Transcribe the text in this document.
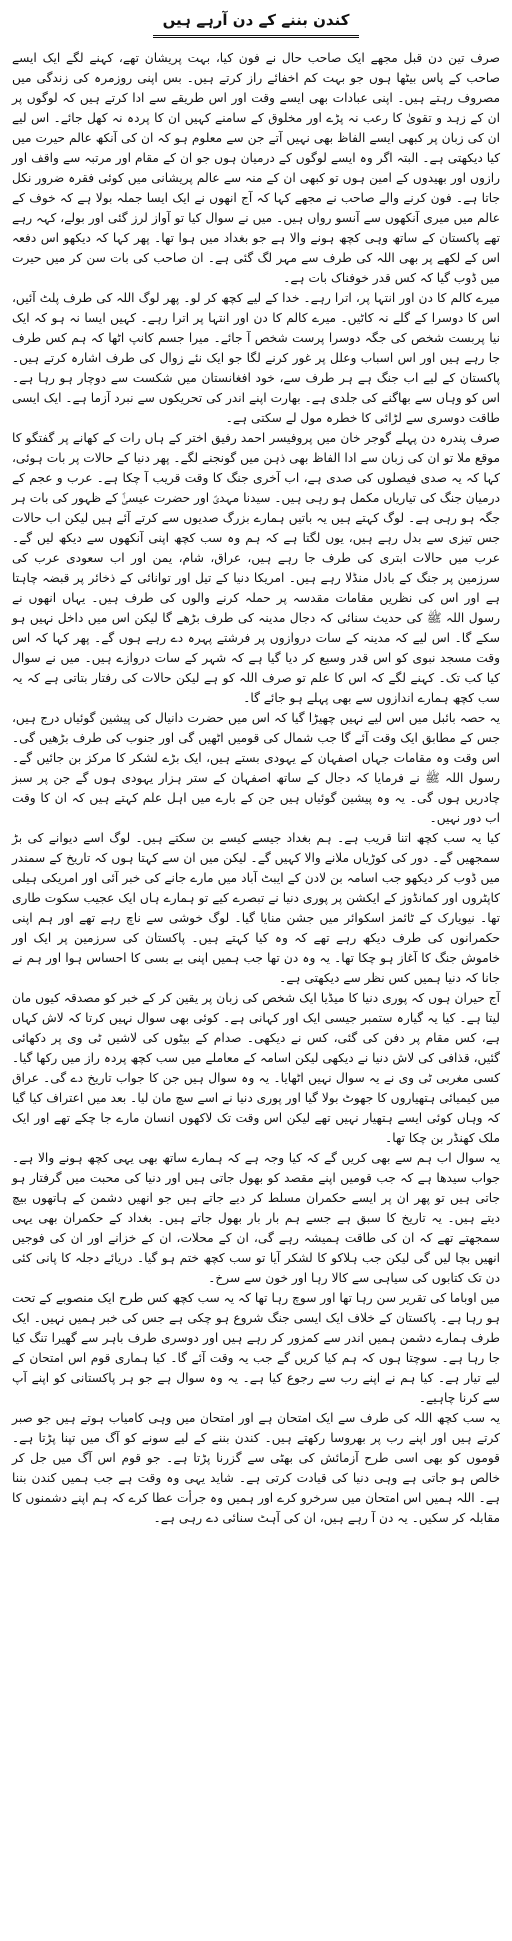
کندن بننے کے دن آرہے ہیں

صرف تین دن قبل مجھے ایک صاحب حال نے فون کیا، بہت پریشان تھے، کہنے لگے ایک ایسے صاحب کے پاس بیٹھا ہوں جو بہت کم اخفائے راز کرتے ہیں۔ بس اپنی روزمرہ کی زندگی میں مصروف رہتے ہیں۔ اپنی عبادات بھی ایسے وقت اور اس طریقے سے ادا کرتے ہیں کہ لوگوں پر ان کے زہد و تقویٰ کا رعب نہ پڑے اور مخلوق کے سامنے کہیں ان کا پردہ نہ کھل جائے۔ اس لیے ان کی زبان پر کبھی ایسے الفاظ بھی نہیں آتے جن سے معلوم ہو کہ ان کی آنکھ عالم حیرت میں کیا دیکھتی ہے۔ البتہ اگر وہ ایسے لوگوں کے درمیان ہوں جو ان کے مقام اور مرتبہ سے واقف اور رازوں اور بھیدوں کے امین ہوں تو کبھی ان کے منہ سے عالم پریشانی میں کوئی فقرہ ضرور نکل جاتا ہے۔ فون کرنے والے صاحب نے مجھے کہا کہ آج انھوں نے ایک ایسا جملہ بولا ہے کہ خوف کے عالم میں میری آنکھوں سے آنسو رواں ہیں۔ میں نے سوال کیا تو آواز لرز گئی اور بولے، کہہ رہے تھے پاکستان کے ساتھ وہی کچھ ہونے والا ہے جو بغداد میں ہوا تھا۔ پھر کہا کہ دیکھو اس دفعہ اس کے لکھے پر بھی اللہ کی طرف سے مہر لگ گئی ہے۔ ان صاحب کی بات سن کر میں حیرت میں ڈوب گیا کہ کس قدر خوفناک بات ہے۔

میرے کالم کا دن اور انتہا پر، اترا رہے۔ خدا کے لیے کچھ کر لو۔ پھر لوگ اللہ کی طرف پلٹ آئیں، اس کا دوسرا کے گلے نہ کاٹیں۔ میرے کالم کا دن اور انتہا پر اترا رہے۔ کہیں ایسا نہ ہو کہ ایک نیا پربست شخص کی جگہ دوسرا پرست شخص آ جائے۔ میرا جسم کانپ اٹھا کہ ہم کس طرف جا رہے ہیں اور اس اسباب وعلل پر غور کرنے لگا جو ایک نئے زوال کی طرف اشارہ کرتے ہیں۔ پاکستان کے لیے اب جنگ ہے ہر طرف سے، خود افغانستان میں شکست سے دوچار ہو رہا ہے۔ اس کو وہاں سے بھاگنے کی جلدی ہے۔ بھارت اپنے اندر کی تحریکوں سے نبرد آزما ہے۔ ایک ایسی طاقت دوسری سے لڑائی کا خطرہ مول لے سکتی ہے۔

صرف پندرہ دن پہلے گوجر خان میں پروفیسر احمد رفیق اختر کے ہاں رات کے کھانے پر گفتگو کا موقع ملا تو ان کی زبان سے ادا الفاظ بھی ذہن میں گونجنے لگے۔ پھر دنیا کے حالات پر بات ہوئی، کہا کہ یہ صدی فیصلوں کی صدی ہے، اب آخری جنگ کا وقت قریب آ چکا ہے۔ عرب و عجم کے درمیان جنگ کی تیاریاں مکمل ہو رہی ہیں۔ سیدنا مہدیؑ اور حضرت عیسیٰؑ کے ظہور کی بات ہر جگہ ہو رہی ہے۔ لوگ کہتے ہیں یہ باتیں ہمارے بزرگ صدیوں سے کرتے آئے ہیں لیکن اب حالات جس تیزی سے بدل رہے ہیں، یوں لگتا ہے کہ ہم وہ سب کچھ اپنی آنکھوں سے دیکھ لیں گے۔ عرب میں حالات ابتری کی طرف جا رہے ہیں، عراق، شام، یمن اور اب سعودی عرب کی سرزمین پر جنگ کے بادل منڈلا رہے ہیں۔ امریکا دنیا کے تیل اور توانائی کے ذخائر پر قبضہ چاہتا ہے اور اس کی نظریں مقامات مقدسہ پر حملہ کرنے والوں کی طرف ہیں۔ یہاں انھوں نے رسول اللہ ﷺ کی حدیث سنائی کہ دجال مدینہ کی طرف بڑھے گا لیکن اس میں داخل نہیں ہو سکے گا۔ اس لیے کہ مدینہ کے سات دروازوں پر فرشتے پہرہ دے رہے ہوں گے۔ پھر کہا کہ اس وقت مسجد نبوی کو اس قدر وسیع کر دیا گیا ہے کہ شہر کے سات دروازے ہیں۔ میں نے سوال کیا کب تک۔ کہنے لگے کہ اس کا علم تو صرف اللہ کو ہے لیکن حالات کی رفتار بتاتی ہے کہ یہ سب کچھ ہمارے اندازوں سے بھی پہلے ہو جائے گا۔

یہ حصہ بائبل میں اس لیے نہیں چھیڑا گیا کہ اس میں حضرت دانیال کی پیشین گوئیاں درج ہیں، جس کے مطابق ایک وقت آئے گا جب شمال کی قومیں اٹھیں گی اور جنوب کی طرف بڑھیں گی۔ اس وقت وہ مقامات جہاں اصفہان کے یہودی بستے ہیں، ایک بڑے لشکر کا مرکز بن جائیں گے۔ رسول اللہ ﷺ نے فرمایا کہ دجال کے ساتھ اصفہان کے ستر ہزار یہودی ہوں گے جن پر سبز چادریں ہوں گی۔ یہ وہ پیشین گوئیاں ہیں جن کے بارے میں اہل علم کہتے ہیں کہ ان کا وقت اب دور نہیں۔

کیا یہ سب کچھ اتنا قریب ہے۔ ہم بغداد جیسے کیسے بن سکتے ہیں۔ لوگ اسے دیوانے کی بڑ سمجھیں گے۔ دور کی کوڑیاں ملانے والا کہیں گے۔ لیکن میں ان سے کہتا ہوں کہ تاریخ کے سمندر میں ڈوب کر دیکھو جب اسامہ بن لادن کے ایبٹ آباد میں مارے جانے کی خبر آئی اور امریکی ہیلی کاپٹروں اور کمانڈوز کے ایکشن پر پوری دنیا نے تبصرے کیے تو ہمارے ہاں ایک عجیب سکوت طاری تھا۔ نیویارک کے ٹائمز اسکوائر میں جشن منایا گیا۔ لوگ خوشی سے ناچ رہے تھے اور ہم اپنی حکمرانوں کی طرف دیکھ رہے تھے کہ وہ کیا کہتے ہیں۔ پاکستان کی سرزمین پر ایک اور خاموش جنگ کا آغاز ہو چکا تھا۔ یہ وہ دن تھا جب ہمیں اپنی بے بسی کا احساس ہوا اور ہم نے جانا کہ دنیا ہمیں کس نظر سے دیکھتی ہے۔

آج حیران ہوں کہ پوری دنیا کا میڈیا ایک شخص کی زبان پر یقین کر کے خبر کو مصدقہ کیوں مان لیتا ہے۔ کیا یہ گیارہ ستمبر جیسی ایک اور کہانی ہے۔ کوئی بھی سوال نہیں کرتا کہ لاش کہاں ہے، کس مقام پر دفن کی گئی، کس نے دیکھی۔ صدام کے بیٹوں کی لاشیں ٹی وی پر دکھائی گئیں، قذافی کی لاش دنیا نے دیکھی لیکن اسامہ کے معاملے میں سب کچھ پردہ راز میں رکھا گیا۔ کسی مغربی ٹی وی نے یہ سوال نہیں اٹھایا۔ یہ وہ سوال ہیں جن کا جواب تاریخ دے گی۔ عراق میں کیمیائی ہتھیاروں کا جھوٹ بولا گیا اور پوری دنیا نے اسے سچ مان لیا۔ بعد میں اعتراف کیا گیا کہ وہاں کوئی ایسے ہتھیار نہیں تھے لیکن اس وقت تک لاکھوں انسان مارے جا چکے تھے اور ایک ملک کھنڈر بن چکا تھا۔

یہ سوال اب ہم سے بھی کریں گے کہ کیا وجہ ہے کہ ہمارے ساتھ بھی یہی کچھ ہونے والا ہے۔ جواب سیدھا ہے کہ جب قومیں اپنے مقصد کو بھول جاتی ہیں اور دنیا کی محبت میں گرفتار ہو جاتی ہیں تو پھر ان پر ایسے حکمران مسلط کر دیے جاتے ہیں جو انھیں دشمن کے ہاتھوں بیچ دیتے ہیں۔ یہ تاریخ کا سبق ہے جسے ہم بار بار بھول جاتے ہیں۔ بغداد کے حکمران بھی یہی سمجھتے تھے کہ ان کی طاقت ہمیشہ رہے گی، ان کے محلات، ان کے خزانے اور ان کی فوجیں انھیں بچا لیں گی لیکن جب ہلاکو کا لشکر آیا تو سب کچھ ختم ہو گیا۔ دریائے دجلہ کا پانی کئی دن تک کتابوں کی سیاہی سے کالا رہا اور خون سے سرخ۔

میں اوباما کی تقریر سن رہا تھا اور سوچ رہا تھا کہ یہ سب کچھ کس طرح ایک منصوبے کے تحت ہو رہا ہے۔ پاکستان کے خلاف ایک ایسی جنگ شروع ہو چکی ہے جس کی خبر ہمیں نہیں۔ ایک طرف ہمارے دشمن ہمیں اندر سے کمزور کر رہے ہیں اور دوسری طرف باہر سے گھیرا تنگ کیا جا رہا ہے۔ سوچتا ہوں کہ ہم کیا کریں گے جب یہ وقت آئے گا۔ کیا ہماری قوم اس امتحان کے لیے تیار ہے۔ کیا ہم نے اپنے رب سے رجوع کیا ہے۔ یہ وہ سوال ہے جو ہر پاکستانی کو اپنے آپ سے کرنا چاہیے۔

یہ سب کچھ اللہ کی طرف سے ایک امتحان ہے اور امتحان میں وہی کامیاب ہوتے ہیں جو صبر کرتے ہیں اور اپنے رب پر بھروسا رکھتے ہیں۔ کندن بننے کے لیے سونے کو آگ میں تپنا پڑتا ہے۔ قوموں کو بھی اسی طرح آزمائش کی بھٹی سے گزرنا پڑتا ہے۔ جو قوم اس آگ میں جل کر خالص ہو جاتی ہے وہی دنیا کی قیادت کرتی ہے۔ شاید یہی وہ وقت ہے جب ہمیں کندن بننا ہے۔ اللہ ہمیں اس امتحان میں سرخرو کرے اور ہمیں وہ جرأت عطا کرے کہ ہم اپنے دشمنوں کا مقابلہ کر سکیں۔ یہ دن آ رہے ہیں، ان کی آہٹ سنائی دے رہی ہے۔
